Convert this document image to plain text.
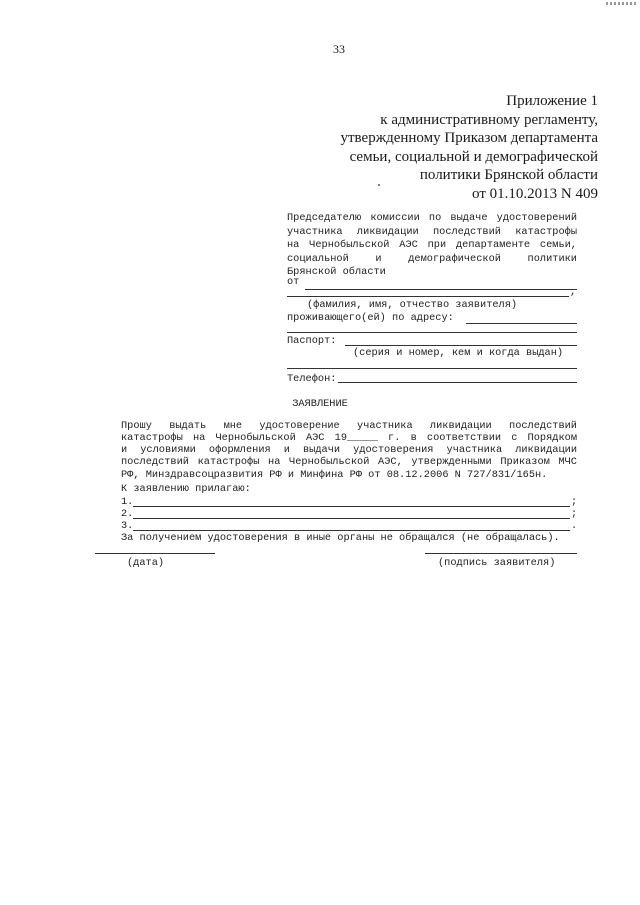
33
Приложение 1
к административному регламенту,
утвержденному Приказом департамента
семьи, социальной и демографической
политики Брянской области
от 01.10.2013 N 409
Председателю комиссии по выдаче удостоверений
участника ликвидации последствий катастрофы
на Чернобыльской АЭС при департаменте семьи,
социальной и демографической политики
Брянской области
от
,
(фамилия, имя, отчество заявителя)
проживающего(ей) по адресу:
Паспорт:
(серия и номер, кем и когда выдан)
Телефон:
ЗАЯВЛЕНИЕ
Прошу выдать мне удостоверение участника ликвидации последствий
катастрофы на Чернобыльской АЭС 19_____ г. в соответствии с Порядком
и условиями оформления и выдачи удостоверения участника ликвидации
последствий катастрофы на Чернобыльской АЭС, утвержденными Приказом МЧС
РФ, Минздравсоцразвития РФ и Минфина РФ от 08.12.2006 N 727/831/165н.
К заявлению прилагаю:
1.	;
2.	;
3.	.
За получением удостоверения в иные органы не обращался (не обращалась).
(дата)	(подпись заявителя)
